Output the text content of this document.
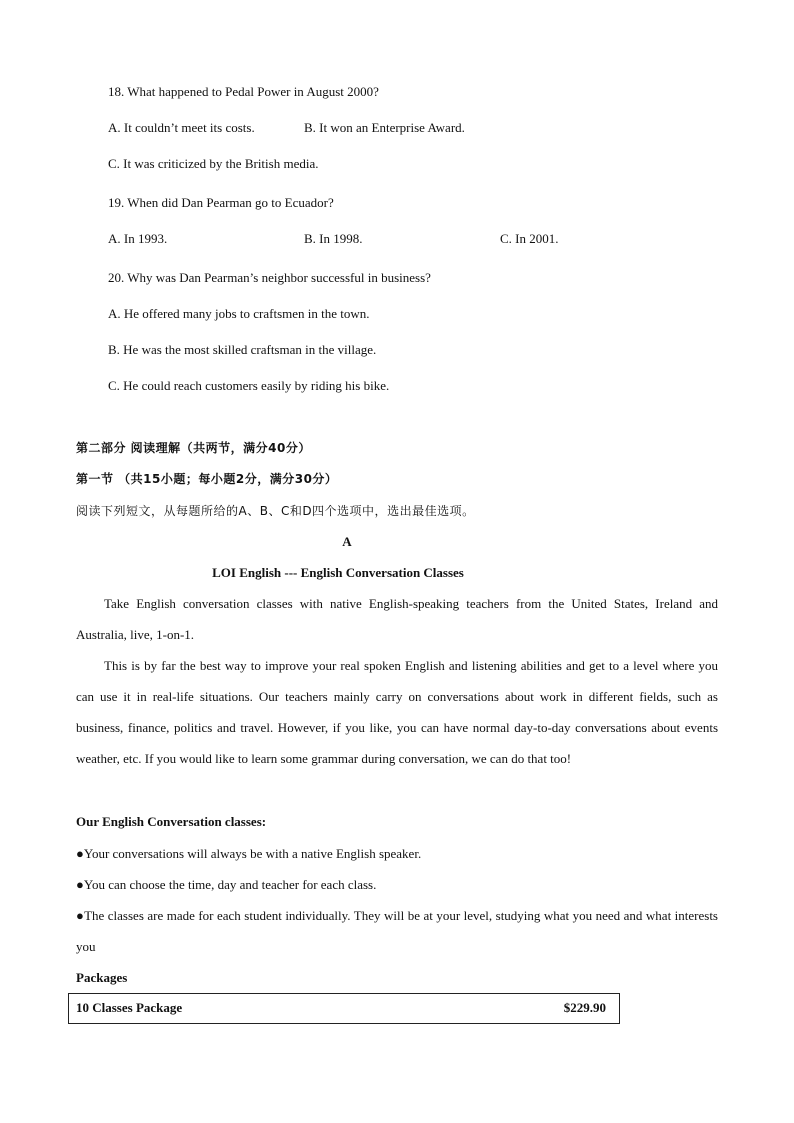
18. What happened to Pedal Power in August 2000?
A. It couldn’t meet its costs.	B. It won an Enterprise Award.
C. It was criticized by the British media.
19. When did Dan Pearman go to Ecuador?
A. In 1993.	B. In 1998.	C. In 2001.
20. Why was Dan Pearman’s neighbor successful in business?
A. He offered many jobs to craftsmen in the town.
B. He was the most skilled craftsman in the village.
C. He could reach customers easily by riding his bike.
第二部分 阅读理解（共两节，满分40分）
第一节 （共15小题；每小题2分，满分30分）
阅读下列短文，从每题所给的A、B、C和D四个选项中，选出最佳选项。
A
LOI English --- English Conversation Classes
Take English conversation classes with native English-speaking teachers from the United States, Ireland and Australia, live, 1-on-1.
This is by far the best way to improve your real spoken English and listening abilities and get to a level where you can use it in real-life situations. Our teachers mainly carry on conversations about work in different fields, such as business, finance, politics and travel. However, if you like, you can have normal day-to-day conversations about events weather, etc. If you would like to learn some grammar during conversation, we can do that too!
Our English Conversation classes:
●Your conversations will always be with a native English speaker.
●You can choose the time, day and teacher for each class.
●The classes are made for each student individually. They will be at your level, studying what you need and what interests you
Packages
10 Classes Package	$229.90
